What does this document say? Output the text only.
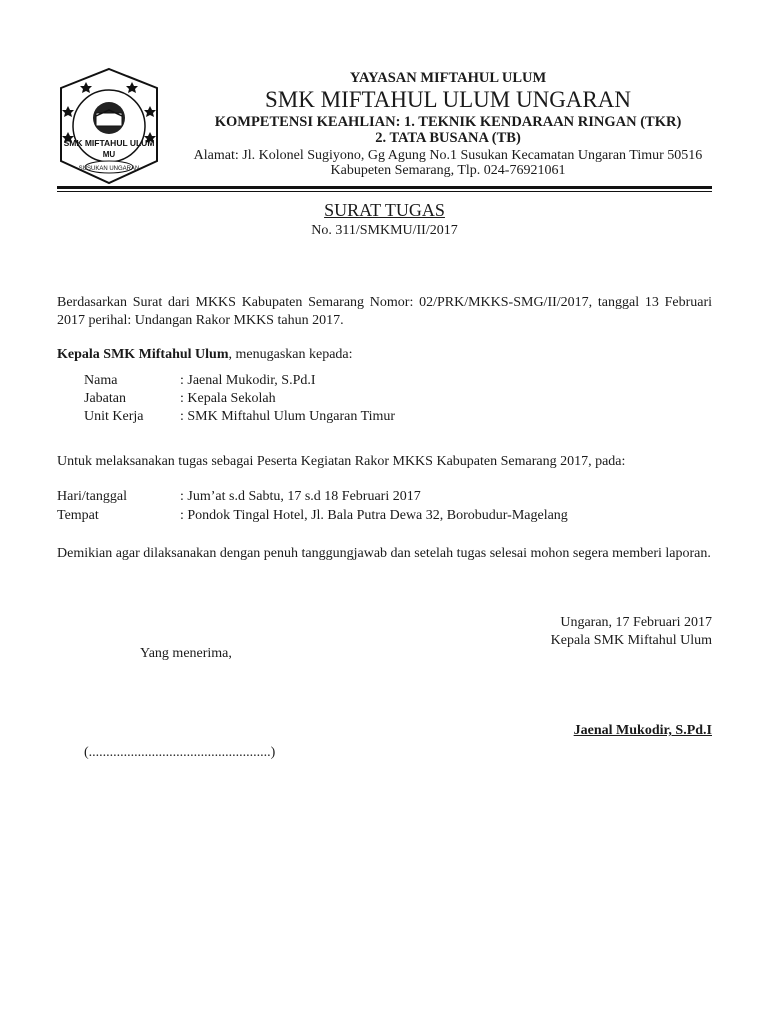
SMK MIFTAHUL ULUM
MU
SUSUKAN UNGARAN
YAYASAN MIFTAHUL ULUM
SMK MIFTAHUL ULUM UNGARAN
KOMPETENSI KEAHLIAN: 1. TEKNIK KENDARAAN RINGAN (TKR)
2. TATA BUSANA (TB)
Alamat: Jl. Kolonel Sugiyono, Gg Agung No.1 Susukan Kecamatan Ungaran Timur 50516
Kabupeten Semarang, Tlp. 024-76921061
SURAT TUGAS
No. 311/SMKMU/II/2017
Berdasarkan Surat dari MKKS Kabupaten Semarang Nomor: 02/PRK/MKKS-SMG/II/2017, tanggal 13 Februari 2017 perihal: Undangan Rakor MKKS tahun 2017.
Kepala SMK Miftahul Ulum, menugaskan kepada:
Nama	: Jaenal Mukodir, S.Pd.I
Jabatan	: Kepala Sekolah
Unit Kerja	: SMK Miftahul Ulum Ungaran Timur
Untuk melaksanakan tugas sebagai Peserta Kegiatan Rakor MKKS Kabupaten Semarang 2017, pada:
Hari/tanggal	: Jum’at s.d Sabtu, 17 s.d 18 Februari 2017
Tempat	: Pondok Tingal Hotel, Jl. Bala Putra Dewa 32, Borobudur-Magelang
Demikian agar dilaksanakan dengan penuh tanggungjawab dan setelah tugas selesai mohon segera memberi laporan.
Ungaran, 17 Februari 2017
Kepala SMK Miftahul Ulum
Yang menerima,
Jaenal Mukodir, S.Pd.I
(....................................................)
